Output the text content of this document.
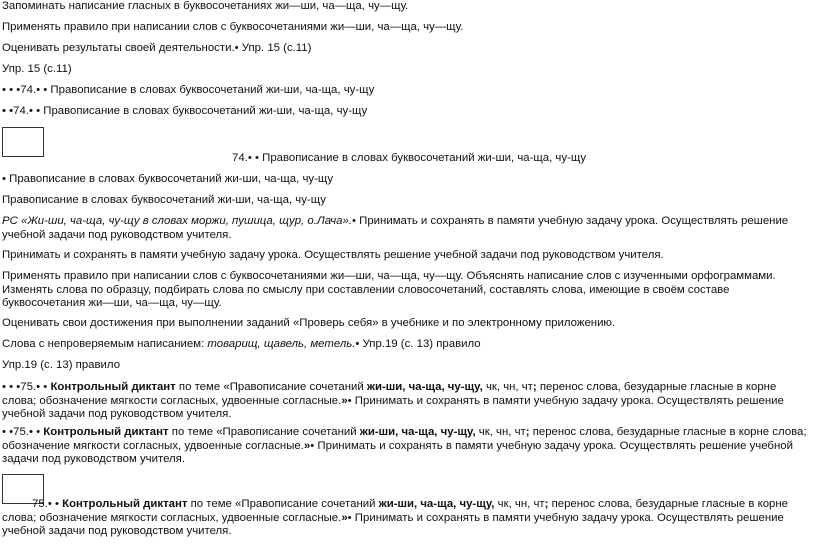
Запоминать написание гласных в буквосочетаниях жи—ши, ча—ща, чу—щу.

Применять правило при написании слов с буквосочетаниями жи—ши, ча—ща, чу—щу.

Оценивать результаты своей деятельности.• Упр. 15 (с.11)

Упр. 15 (с.11)

• • •74.• • Правописание в словах буквосочетаний жи-ши, ча-ща, чу-щу

• •74.• • Правописание в словах буквосочетаний жи-ши, ча-ща, чу-щу

74.• • Правописание в словах буквосочетаний жи-ши, ча-ща, чу-щу

• Правописание в словах буквосочетаний жи-ши, ча-ща, чу-щу

Правописание в словах буквосочетаний жи-ши, ча-ща, чу-щу

РС «Жи-ши, ча-ща, чу-щу в словах моржи, пушица, щур, о.Лача».• Принимать и сохранять в памяти учебную задачу урока. Осуществлять решение учебной задачи под руководством учителя.

Принимать и сохранять в памяти учебную задачу урока. Осуществлять решение учебной задачи под руководством учителя.

Применять правило при написании слов с буквосочетаниями жи—ши, ча—ща, чу—щу. Объяснять написание слов с изученными орфограммами. Изменять слова по образцу, подбирать слова по смыслу при составлении словосочетаний, составлять слова, имеющие в своём составе буквосочетания жи—ши, ча—ща, чу—щу.

Оценивать свои достижения при выполнении заданий «Проверь себя» в учебнике и по электронному приложению.

Слова с непроверяемым написанием: товарищ, щавель, метель.• Упр.19 (с. 13) правило

Упр.19 (с. 13) правило

• • •75.• • Контрольный диктант по теме «Правописание сочетаний жи-ши, ча-ща, чу-щу, чк, чн, чт; перенос слова, безударные гласные в корне слова; обозначение мягкости согласных, удвоенные согласные.»• Принимать и сохранять в памяти учебную задачу урока. Осуществлять решение учебной задачи под руководством учителя.

• •75.• • Контрольный диктант по теме «Правописание сочетаний жи-ши, ча-ща, чу-щу, чк, чн, чт; перенос слова, безударные гласные в корне слова; обозначение мягкости согласных, удвоенные согласные.»• Принимать и сохранять в памяти учебную задачу урока. Осуществлять решение учебной задачи под руководством учителя.

75.• • Контрольный диктант по теме «Правописание сочетаний жи-ши, ча-ща, чу-щу, чк, чн, чт; перенос слова, безударные гласные в корне слова; обозначение мягкости согласных, удвоенные согласные.»• Принимать и сохранять в памяти учебную задачу урока. Осуществлять решение учебной задачи под руководством учителя.
